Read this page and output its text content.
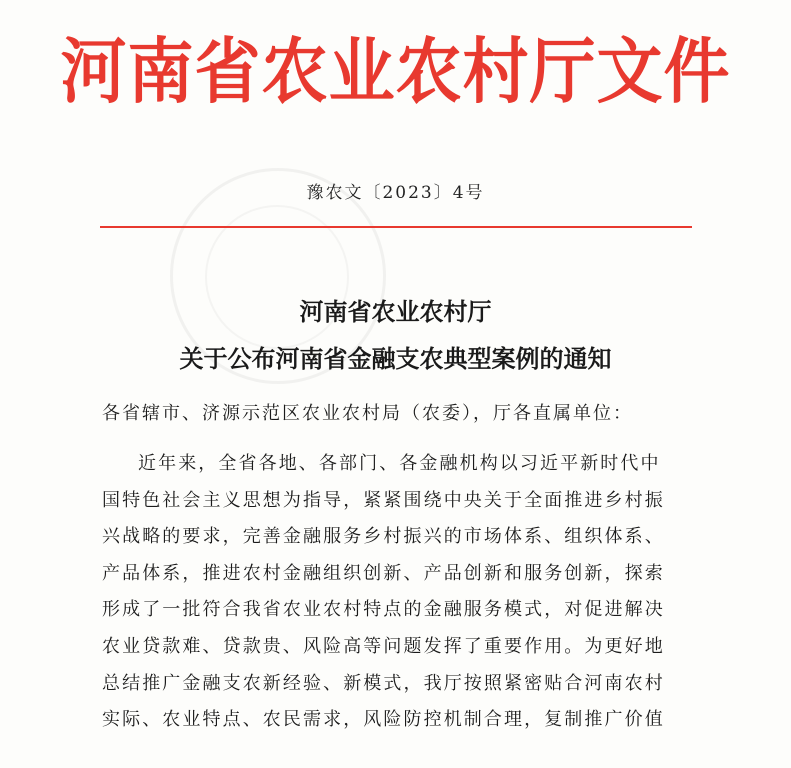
河南省农业农村厅文件
豫农文〔2023〕4号
河南省农业农村厅
关于公布河南省金融支农典型案例的通知
各省辖市、济源示范区农业农村局（农委），厅各直属单位：
近年来，全省各地、各部门、各金融机构以习近平新时代中
国特色社会主义思想为指导，紧紧围绕中央关于全面推进乡村振
兴战略的要求，完善金融服务乡村振兴的市场体系、组织体系、
产品体系，推进农村金融组织创新、产品创新和服务创新，探索
形成了一批符合我省农业农村特点的金融服务模式，对促进解决
农业贷款难、贷款贵、风险高等问题发挥了重要作用。为更好地
总结推广金融支农新经验、新模式，我厅按照紧密贴合河南农村
实际、农业特点、农民需求，风险防控机制合理，复制推广价值
